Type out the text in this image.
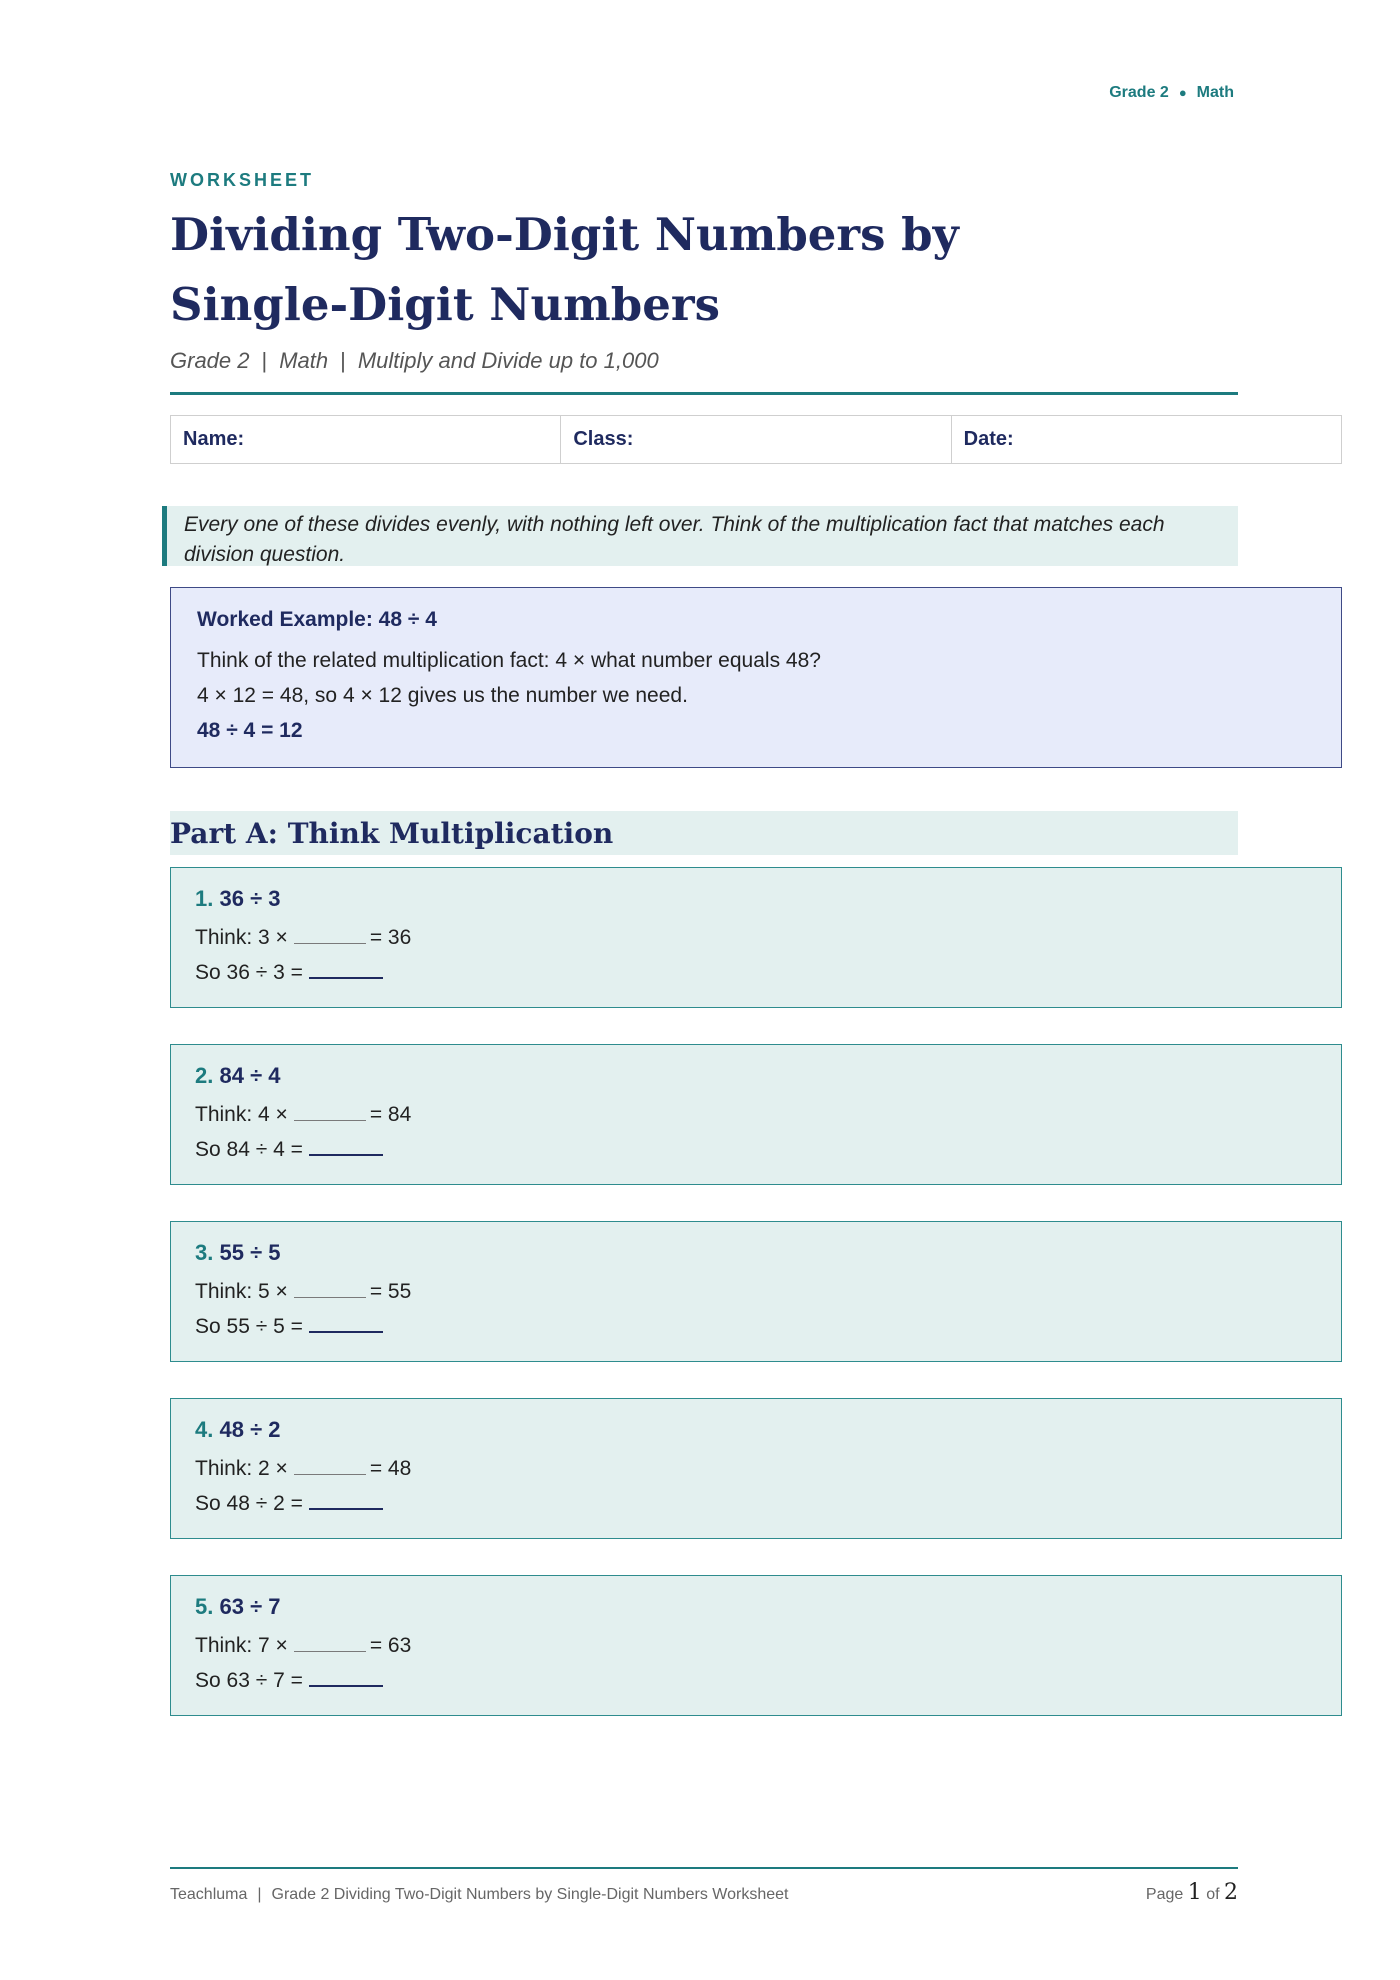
Grade 2 ● Math
WORKSHEET
Dividing Two-Digit Numbers by Single-Digit Numbers
Grade 2 | Math | Multiply and Divide up to 1,000
Name:	Class:	Date:
Every one of these divides evenly, with nothing left over. Think of the multiplication fact that matches each division question.
Worked Example: 48 ÷ 4
Think of the related multiplication fact: 4 × what number equals 48?
4 × 12 = 48, so 4 × 12 gives us the number we need.
48 ÷ 4 = 12
Part A: Think Multiplication
1. 36 ÷ 3
Think: 3 ×	= 36
So 36 ÷ 3 =
2. 84 ÷ 4
Think: 4 ×	= 84
So 84 ÷ 4 =
3. 55 ÷ 5
Think: 5 ×	= 55
So 55 ÷ 5 =
4. 48 ÷ 2
Think: 2 ×	= 48
So 48 ÷ 2 =
5. 63 ÷ 7
Think: 7 ×	= 63
So 63 ÷ 7 =
Teachluma | Grade 2 Dividing Two-Digit Numbers by Single-Digit Numbers Worksheet	Page 1 of 2
